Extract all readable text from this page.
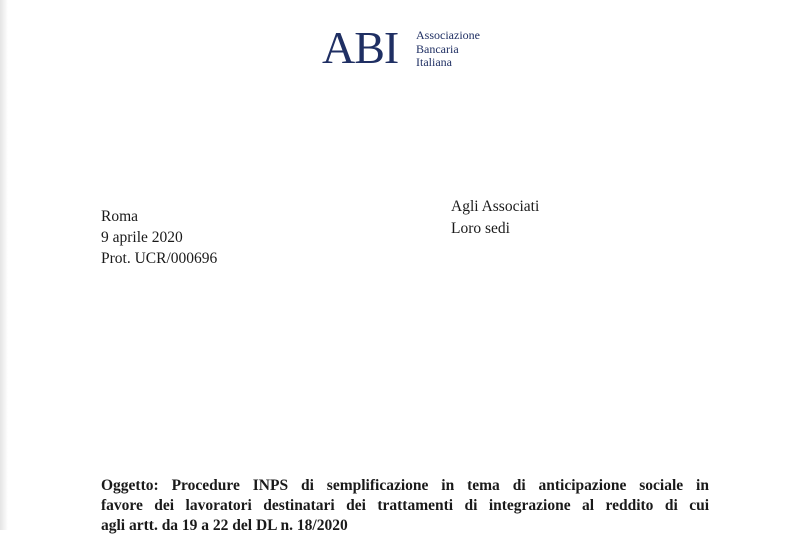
ABI Associazione
Bancaria
Italiana
Roma
9 aprile 2020
Prot. UCR/000696
Agli Associati
Loro sedi
Oggetto: Procedure INPS di semplificazione in tema di anticipazione sociale in
favore dei lavoratori destinatari dei trattamenti di integrazione al reddito di cui
agli artt. da 19 a 22 del DL n. 18/2020
